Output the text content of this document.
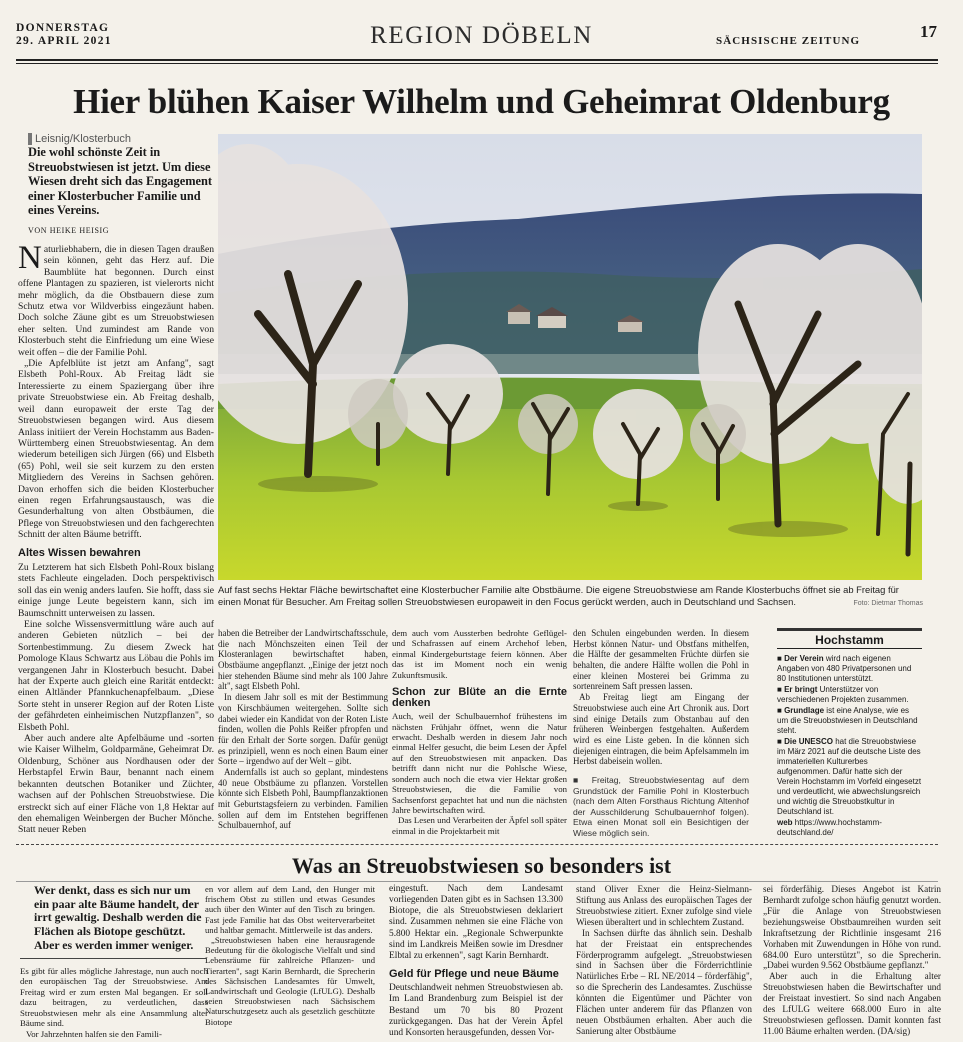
DONNERSTAG
29. APRIL 2021	REGION DÖBELN	SÄCHSISCHE ZEITUNG	17
Hier blühen Kaiser Wilhelm und Geheimrat Oldenburg
Leisnig/Klosterbuch
Die wohl schönste Zeit in Streuobstwiesen ist jetzt. Um diese Wiesen dreht sich das Engagement einer Klosterbucher Familie und eines Vereins.
VON HEIKE HEISIG
Auf fast sechs Hektar Fläche bewirtschaftet eine Klosterbucher Familie alte Obstbäume. Die eigene Streuobstwiese am Rande Klosterbuchs öffnet sie ab Freitag für einen Monat für Besucher. Am Freitag sollen Streuobstwiesen europaweit in den Focus gerückt werden, auch in Deutschland und Sachsen.	Foto: Dietmar Thomas

Naturliebhabern, die in diesen Tagen draußen sein können, geht das Herz auf. Die Baumblüte hat begonnen. Durch einst offene Plantagen zu spazieren, ist vielerorts nicht mehr möglich, da die Obstbauern diese zum Schutz etwa vor Wildverbiss eingezäunt haben. Doch solche Zäune gibt es um Streuobstwiesen eher selten. Und zumindest am Rande von Klosterbuch steht die Einfriedung um eine Wiese weit offen – die der Familie Pohl.

„Die Apfelblüte ist jetzt am Anfang", sagt Elsbeth Pohl-Roux. Ab Freitag lädt sie Interessierte zu einem Spaziergang über ihre private Streuobstwiese ein. Ab Freitag deshalb, weil dann europaweit der erste Tag der Streuobstwiesen begangen wird. Aus diesem Anlass initiiert der Verein Hochstamm aus Baden-Württemberg einen Streuobstwiesentag. An dem wiederum beteiligen sich Jürgen (66) und Elsbeth (65) Pohl, weil sie seit kurzem zu den ersten Mitgliedern des Vereins in Sachsen gehören. Davon erhoffen sich die beiden Klosterbucher einen regen Erfahrungsaustausch, was die Gesunderhaltung von alten Obstbäumen, die Pflege von Streuobstwiesen und den fachgerechten Schnitt der alten Bäume betrifft.

Altes Wissen bewahren

Zu Letzterem hat sich Elsbeth Pohl-Roux bislang stets Fachleute eingeladen. Doch perspektivisch soll das ein wenig anders laufen. Sie hofft, dass sie einige junge Leute begeistern kann, sich im Baumschnitt unterweisen zu lassen.

Eine solche Wissensvermittlung wäre auch auf anderen Gebieten nützlich – bei der Sortenbestimmung. Zu diesem Zweck hat Pomologe Klaus Schwartz aus Löbau die Pohls im vergangenen Jahr in Klosterbuch besucht. Dabei hat der Experte auch gleich eine Rarität entdeckt: einen Altländer Pfannkuchenapfelbaum. „Diese Sorte steht in unserer Region auf der Roten Liste der gefährdeten einheimischen Nutzpflanzen", so Elsbeth Pohl.

Aber auch andere alte Apfelbäume und -sorten wie Kaiser Wilhelm, Goldparmäne, Geheimrat Dr. Oldenburg, Schöner aus Nordhausen oder der Herbstapfel Erwin Baur, benannt nach einem bekannten deutschen Botaniker und Züchter, wachsen auf der Pohlschen Streuobstwiese. Die erstreckt sich auf einer Fläche von 1,8 Hektar auf den ehemaligen Weinbergen der Bucher Mönche. Statt neuer Reben

haben die Betreiber der Landwirtschaftsschule, die nach Mönchszeiten einen Teil der Klosteranlagen bewirtschaftet haben, Obstbäume angepflanzt. „Einige der jetzt noch hier stehenden Bäume sind mehr als 100 Jahre alt", sagt Elsbeth Pohl.

In diesem Jahr soll es mit der Bestimmung von Kirschbäumen weitergehen. Sollte sich dabei wieder ein Kandidat von der Roten Liste finden, wollen die Pohls Reißer pfropfen und für den Erhalt der Sorte sorgen. Dafür genügt es prinzipiell, wenn es noch einen Baum einer Sorte – irgendwo auf der Welt – gibt.

Andernfalls ist auch so geplant, mindestens 40 neue Obstbäume zu pflanzen. Vorstellen könnte sich Elsbeth Pohl, Baumpflanzaktionen mit Geburtstagsfeiern zu verbinden. Familien sollen auf dem im Entstehen begriffenen Schulbauernhof, auf

dem auch vom Aussterben bedrohte Geflügel- und Schafrassen auf einem Archehof leben, einmal Kindergeburtstage feiern können. Aber das ist im Moment noch ein wenig Zukunftsmusik.

Schon zur Blüte an die Ernte denken

Auch, weil der Schulbauernhof frühestens im nächsten Frühjahr öffnet, wenn die Natur erwacht. Deshalb werden in diesem Jahr noch einmal Helfer gesucht, die beim Lesen der Äpfel auf den Streuobstwiesen mit anpacken. Das betrifft dann nicht nur die Pohlsche Wiese, sondern auch noch die etwa vier Hektar großen Streuobstwiesen, die die Familie von Sachsenforst gepachtet hat und nun die nächsten Jahre bewirtschaften wird.

Das Lesen und Verarbeiten der Äpfel soll später einmal in die Projektarbeit mit

den Schulen eingebunden werden. In diesem Herbst können Natur- und Obstfans mithelfen, die Hälfte der gesammelten Früchte dürfen sie behalten, die andere Hälfte wollen die Pohl in einer kleinen Mosterei bei Grimma zu sortenreinem Saft pressen lassen.

Ab Freitag liegt am Eingang der Streuobstwiese auch eine Art Chronik aus. Dort sind einige Details zum Obstanbau auf den früheren Weinbergen festgehalten. Außerdem wird es eine Liste geben. In die können sich diejenigen eintragen, die beim Apfelsammeln im Herbst dabeisein wollen.

■ Freitag, Streuobstwiesentag auf dem Grundstück der Familie Pohl in Klosterbuch (nach dem Alten Forsthaus Richtung Altenhof der Ausschilderung Schulbauernhof folgen). Etwa einen Monat soll ein Besichtigen der Wiese möglich sein.
Hochstamm

■ Der Verein wird nach eigenen Angaben von 480 Privatpersonen und 80 Institutionen unterstützt.

■ Er bringt Unterstützer von verschiedenen Projekten zusammen.

■ Grundlage ist eine Analyse, wie es um die Streuobstwiesen in Deutschland steht.

■ Die UNESCO hat die Streuobstwiese im März 2021 auf die deutsche Liste des immateriellen Kulturerbes aufgenommen. Dafür hatte sich der Verein Hochstamm im Vorfeld eingesetzt und verdeutlicht, wie abwechslungsreich und wichtig die Streuobstkultur in Deutschland ist.

web https://www.hochstamm-deutschland.de/

Was an Streuobstwiesen so besonders ist
Wer denkt, dass es sich nur um ein paar alte Bäume handelt, der irrt gewaltig. Deshalb werden die Flächen als Biotope geschützt. Aber es werden immer weniger.

Es gibt für alles mögliche Jahrestage, nun auch noch den europäischen Tag der Streuobstwiese. Am Freitag wird er zum ersten Mal begangen. Er soll dazu beitragen, zu verdeutlichen, dass Streuobstwiesen mehr als eine Ansammlung alter Bäume sind.

Vor Jahrzehnten halfen sie den Famili-

en vor allem auf dem Land, den Hunger mit frischem Obst zu stillen und etwas Gesundes auch über den Winter auf den Tisch zu bringen. Fast jede Familie hat das Obst weiterverarbeitet und haltbar gemacht. Mittlerweile ist das anders.

„Streuobstwiesen haben eine herausragende Bedeutung für die ökologische Vielfalt und sind Lebensräume für zahlreiche Pflanzen- und Tierarten", sagt Karin Bernhardt, die Sprecherin des Sächsischen Landesamtes für Umwelt, Landwirtschaft und Geologie (LfULG). Deshalb seien Streuobstwiesen nach Sächsischem Naturschutzgesetz auch als gesetzlich geschützte Biotope

eingestuft. Nach dem Landesamt vorliegenden Daten gibt es in Sachsen 13.300 Biotope, die als Streuobstwiesen deklariert sind. Zusammen nehmen sie eine Fläche von 5.800 Hektar ein. „Regionale Schwerpunkte sind im Landkreis Meißen sowie im Dresdner Elbtal zu erkennen", sagt Karin Bernhardt.

Geld für Pflege und neue Bäume

Deutschlandweit nehmen Streuobstwiesen ab. Im Land Brandenburg zum Beispiel ist der Bestand um 70 bis 80 Prozent zurückgegangen. Das hat der Verein Äpfel und Konsorten herausgefunden, dessen Vor-

stand Oliver Exner die Heinz-Sielmann-Stiftung aus Anlass des europäischen Tages der Streuobstwiese zitiert. Exner zufolge sind viele Wiesen überaltert und in schlechtem Zustand.

In Sachsen dürfte das ähnlich sein. Deshalb hat der Freistaat ein entsprechendes Förderprogramm aufgelegt. „Streuobstwiesen sind in Sachsen über die Förderrichtlinie Natürliches Erbe – RL NE/2014 – förderfähig", so die Sprecherin des Landesamtes. Zuschüsse könnten die Eigentümer und Pächter von Flächen unter anderem für das Pflanzen von neuen Obstbäumen erhalten. Aber auch die Sanierung alter Obstbäume

sei förderfähig. Dieses Angebot ist Katrin Bernhardt zufolge schon häufig genutzt worden. „Für die Anlage von Streuobstwiesen beziehungsweise Obstbaumreihen wurden seit Inkraftsetzung der Richtlinie insgesamt 216 Vorhaben mit Zuwendungen in Höhe von rund. 684.00 Euro unterstützt", so die Sprecherin. „Dabei wurden 9.562 Obstbäume gepflanzt."

Aber auch in die Erhaltung alter Streuobstwiesen haben die Bewirtschafter und der Freistaat investiert. So sind nach Angaben des LfULG weitere 668.000 Euro in alte Streuobstwiesen geflossen. Damit konnten fast 11.00 Bäume erhalten werden. (DA/sig)
